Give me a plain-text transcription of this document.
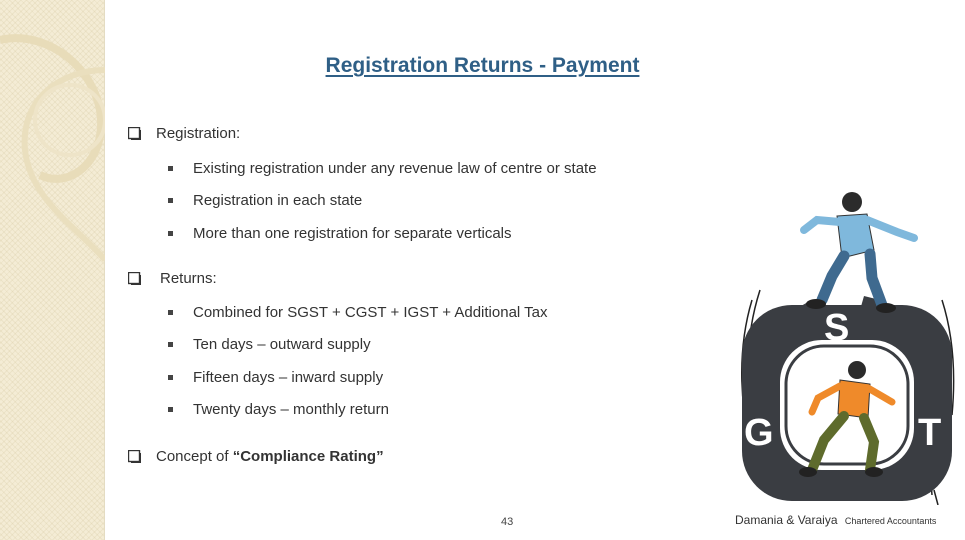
Registration Returns - Payment
Registration:
Existing registration under any revenue law of centre or state
Registration in each state
More than one registration for separate verticals
Returns:
Combined for SGST + CGST + IGST + Additional Tax
Ten days – outward supply
Fifteen days – inward supply
Twenty days – monthly return
Concept of “Compliance Rating”
S
G	T
43	Damania & Varaiya Chartered Accountants
